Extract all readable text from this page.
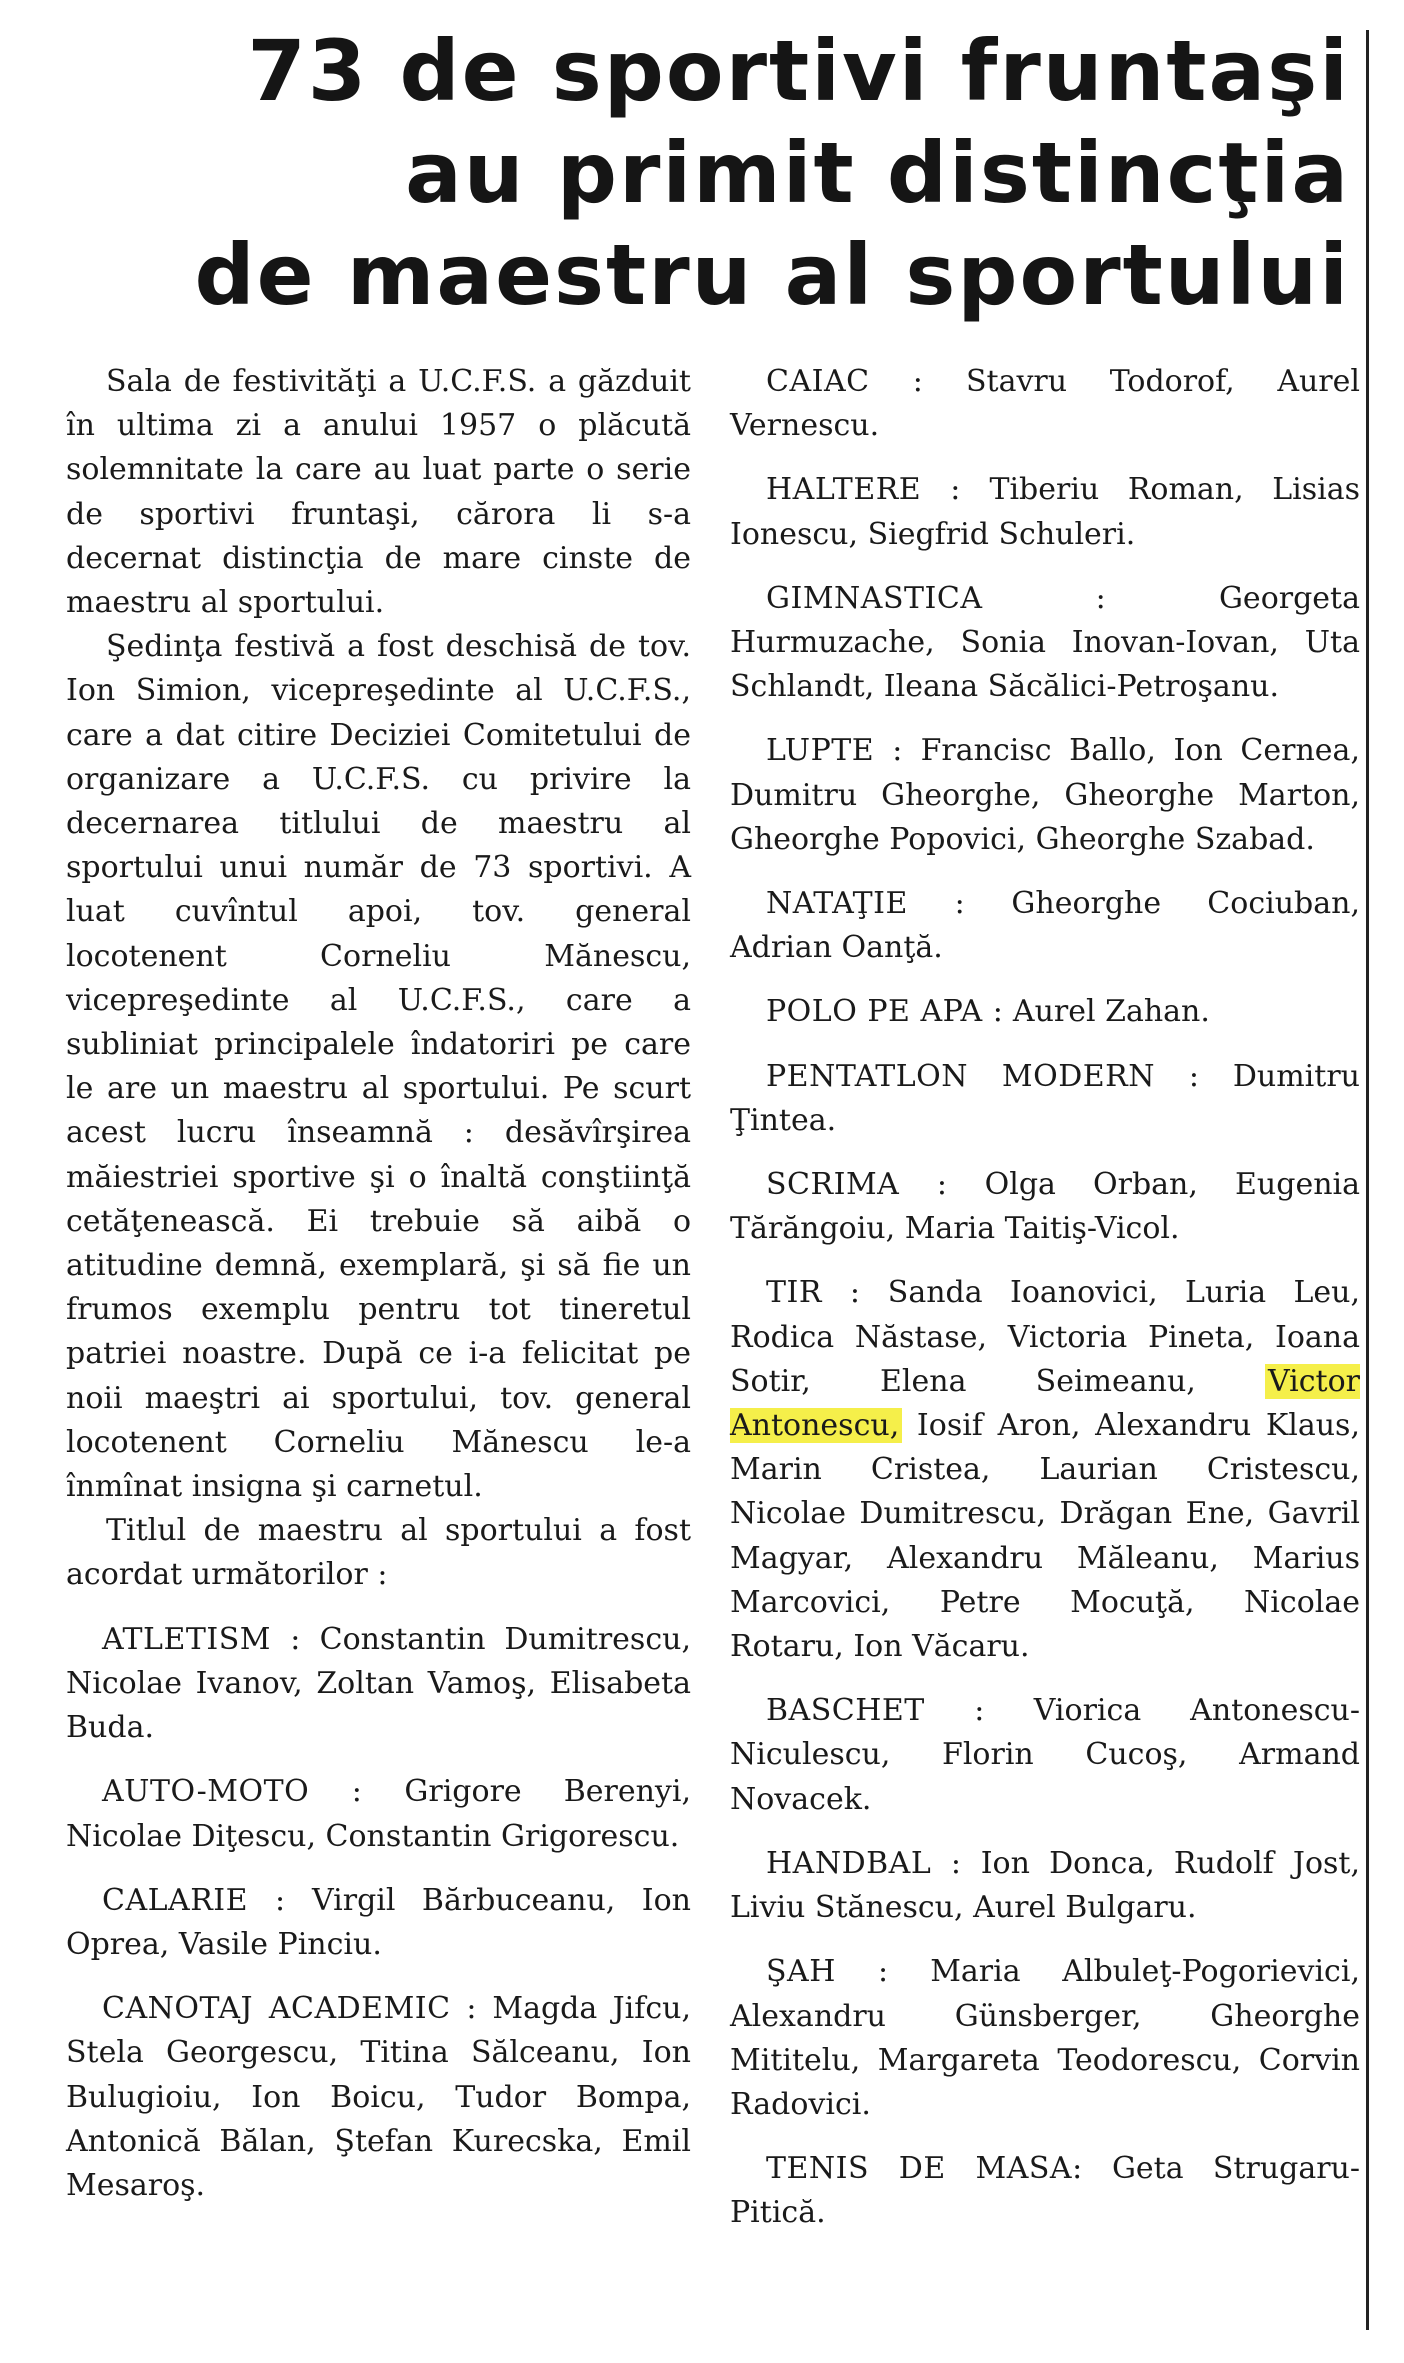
73 de sportivi fruntaşi
au primit distincţia
de maestru al sportului

Sala de festivităţi a U.C.F.S. a găzduit în ultima zi a anului 1957 o plăcută solemnitate la care au luat parte o serie de sportivi fruntaşi, cărora li s-a decernat distincţia de mare cinste de maestru al sportului.

Şedinţa festivă a fost deschisă de tov. Ion Simion, vicepreşedinte al U.C.F.S., care a dat citire Deciziei Comitetului de organizare a U.C.F.S. cu privire la decernarea titlului de maestru al sportului unui număr de 73 sportivi. A luat cuvîntul apoi, tov. general locotenent Corneliu Mănescu, vicepreşedinte al U.C.F.S., care a subliniat principalele îndatoriri pe care le are un maestru al sportului. Pe scurt acest lucru înseamnă : desăvîrşirea măiestriei sportive şi o înaltă conştiinţă cetăţenească. Ei trebuie să aibă o atitudine demnă, exemplară, şi să fie un frumos exemplu pentru tot tineretul patriei noastre. După ce i-a felicitat pe noii maeştri ai sportului, tov. general locotenent Corneliu Mănescu le-a înmînat insigna şi carnetul.

Titlul de maestru al sportului a fost acordat următorilor :

ATLETISM : Constantin Dumitrescu, Nicolae Ivanov, Zoltan Vamoş, Elisabeta Buda.

AUTO-MOTO : Grigore Berenyi, Nicolae Diţescu, Constantin Grigorescu.

CALARIE : Virgil Bărbuceanu, Ion Oprea, Vasile Pinciu.

CANOTAJ ACADEMIC : Magda Jifcu, Stela Georgescu, Titina Sălceanu, Ion Bulugioiu, Ion Boicu, Tudor Bompa, Antonică Bălan, Ştefan Kurecska, Emil Mesaroş.

CAIAC : Stavru Todorof, Aurel Vernescu.

HALTERE : Tiberiu Roman, Lisias Ionescu, Siegfrid Schuleri.

GIMNASTICA :	Georgeta Hurmuzache, Sonia Inovan-Iovan, Uta Schlandt, Ileana Săcălici-Petroşanu.

LUPTE : Francisc Ballo, Ion Cernea, Dumitru Gheorghe, Gheorghe Marton, Gheorghe Popovici, Gheorghe Szabad.

NATAŢIE : Gheorghe Cociuban, Adrian Oanţă.

POLO PE APA : Aurel Zahan.

PENTATLON MODERN : Dumitru Ţintea.

SCRIMA : Olga Orban, Eugenia Tărăngoiu, Maria Taitiş-Vicol.

TIR : Sanda Ioanovici, Luria Leu, Rodica Năstase, Victoria Pineta, Ioana Sotir, Elena Seimeanu, Victor Antonescu, Iosif Aron, Alexandru Klaus, Marin Cristea, Laurian Cristescu, Nicolae Dumitrescu, Drăgan Ene, Gavril Magyar, Alexandru Măleanu, Marius Marcovici, Petre Mocuţă, Nicolae Rotaru, Ion Văcaru.

BASCHET : Viorica Antonescu-Niculescu, Florin Cucoş, Armand Novacek.

HANDBAL : Ion Donca, Rudolf Jost, Liviu Stănescu, Aurel Bulgaru.

ŞAH : Maria Albuleţ-Pogorievici, Alexandru Günsberger, Gheorghe Mititelu, Margareta Teodorescu, Corvin Radovici.

TENIS DE MASA: Geta Strugaru-Pitică.
